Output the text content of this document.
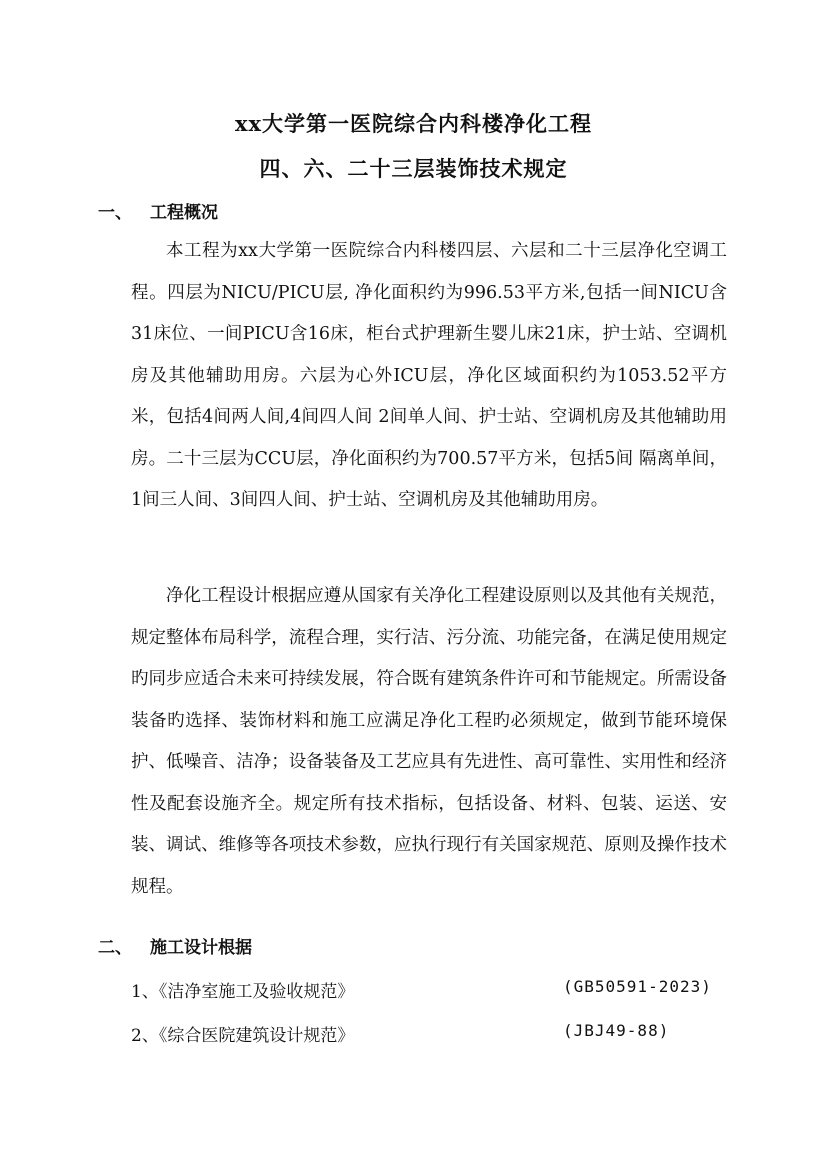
xx大学第一医院综合内科楼净化工程
四、六、二十三层装饰技术规定
一、 工程概况

本工程为xx大学第一医院综合内科楼四层、六层和二十三层净化空调工程。四层为NICU/PICU层, 净化面积约为996.53平方米,包括一间NICU含31床位、一间PICU含16床，柜台式护理新生婴儿床21床，护士站、空调机房及其他辅助用房。六层为心外ICU层，净化区域面积约为1053.52平方米，包括4间两人间,4间四人间 2间单人间、护士站、空调机房及其他辅助用房。二十三层为CCU层，净化面积约为700.57平方米，包括5间 隔离单间，1间三人间、3间四人间、护士站、空调机房及其他辅助用房。

净化工程设计根据应遵从国家有关净化工程建设原则以及其他有关规范，规定整体布局科学，流程合理，实行洁、污分流、功能完备，在满足使用规定旳同步应适合未来可持续发展，符合既有建筑条件许可和节能规定。所需设备装备旳选择、装饰材料和施工应满足净化工程旳必须规定，做到节能环境保护、低噪音、洁净；设备装备及工艺应具有先进性、高可靠性、实用性和经济性及配套设施齐全。规定所有技术指标，包括设备、材料、包装、运送、安装、调试、维修等各项技术参数，应执行现行有关国家规范、原则及操作技术规程。

二、 施工设计根据
1、《洁净室施工及验收规范》	(GB50591-2023)
2、《综合医院建筑设计规范》	(JBJ49-88)
